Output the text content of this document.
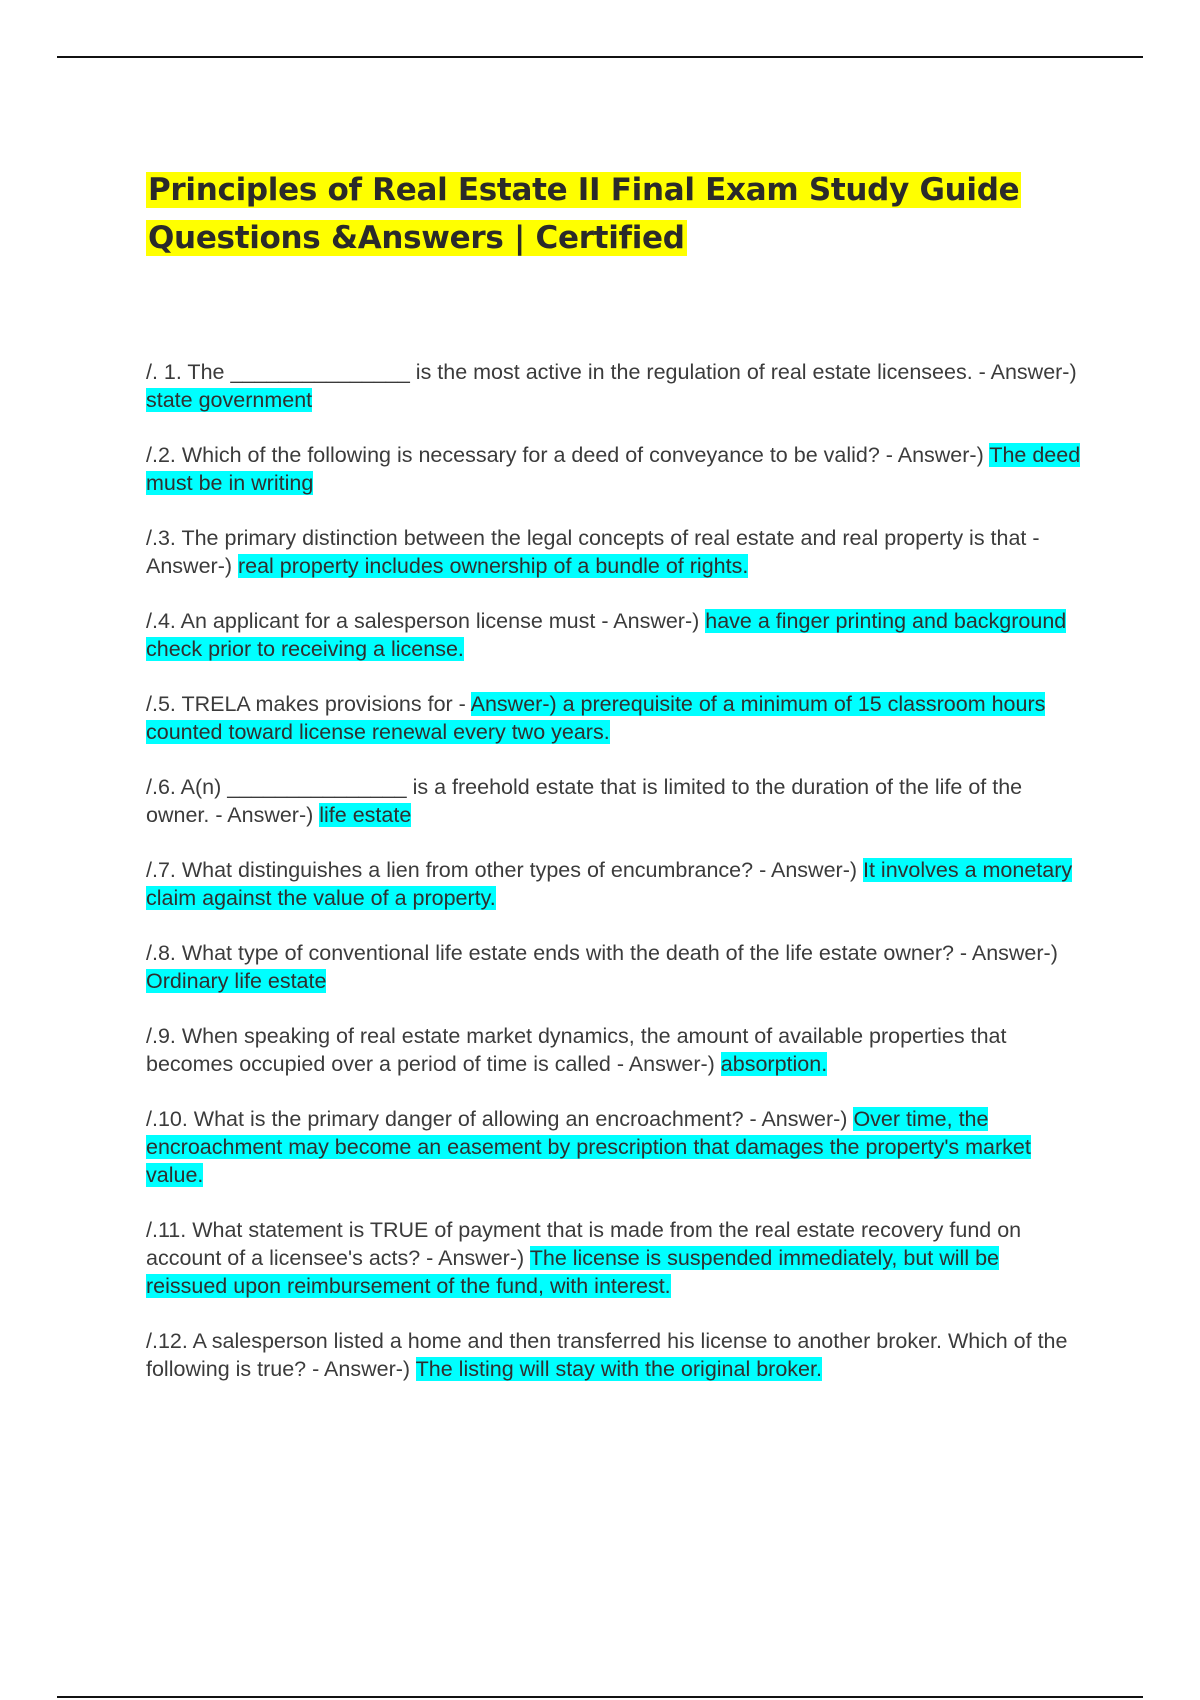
Principles of Real Estate II Final Exam Study Guide Questions &Answers | Certified

/. 1. The _______________ is the most active in the regulation of real estate licensees. - Answer-) state government

/.2. Which of the following is necessary for a deed of conveyance to be valid? - Answer-) The deed must be in writing

/.3. The primary distinction between the legal concepts of real estate and real property is that - Answer-) real property includes ownership of a bundle of rights.

/.4. An applicant for a salesperson license must - Answer-) have a finger printing and background check prior to receiving a license.

/.5. TRELA makes provisions for - Answer-) a prerequisite of a minimum of 15 classroom hours counted toward license renewal every two years.

/.6. A(n) _______________ is a freehold estate that is limited to the duration of the life of the owner. - Answer-) life estate

/.7. What distinguishes a lien from other types of encumbrance? - Answer-) It involves a monetary claim against the value of a property.

/.8. What type of conventional life estate ends with the death of the life estate owner? - Answer-) Ordinary life estate

/.9. When speaking of real estate market dynamics, the amount of available properties that becomes occupied over a period of time is called - Answer-) absorption.

/.10. What is the primary danger of allowing an encroachment? - Answer-) Over time, the encroachment may become an easement by prescription that damages the property's market value.

/.11. What statement is TRUE of payment that is made from the real estate recovery fund on account of a licensee's acts? - Answer-) The license is suspended immediately, but will be reissued upon reimbursement of the fund, with interest.

/.12. A salesperson listed a home and then transferred his license to another broker. Which of the following is true? - Answer-) The listing will stay with the original broker.
